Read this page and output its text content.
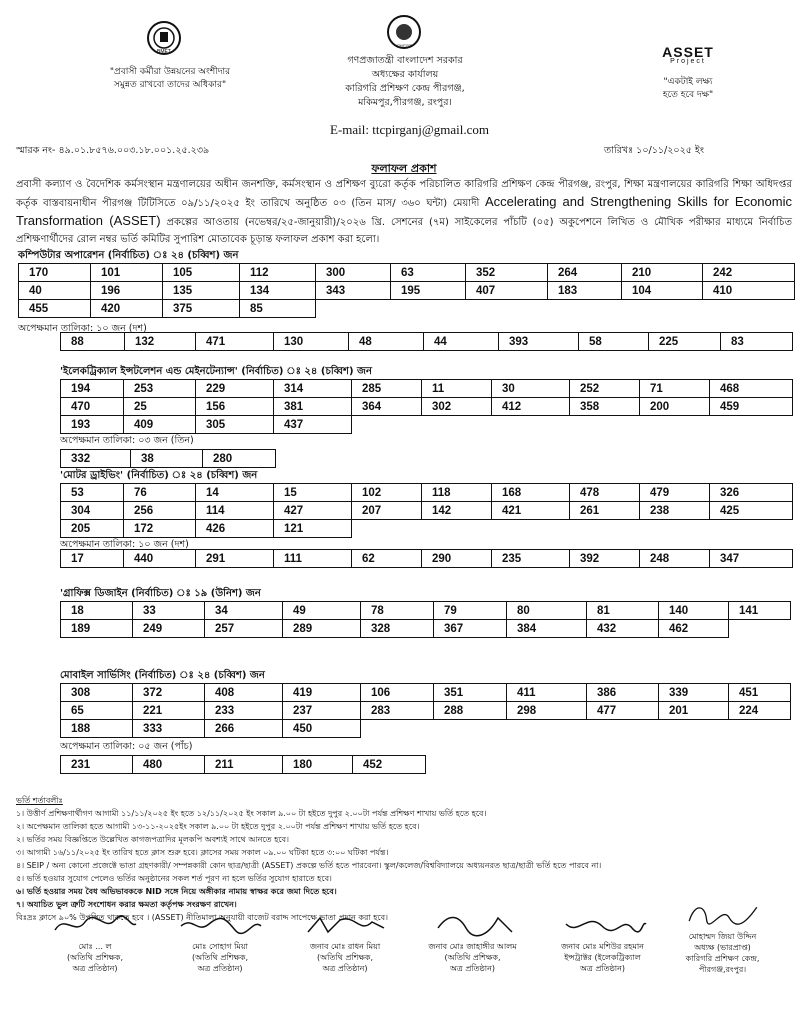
BMET
"প্রবাসী কর্মীরা উন্নয়নের অংশীদার
সমুন্নত রাখবো তাদের অধিকার"
বাংলাদেশ
গণপ্রজাতন্ত্রী বাংলাদেশ সরকার
অধ্যক্ষের কার্যালয়
কারিগরি প্রশিক্ষণ কেন্দ্র পীরগঞ্জ,
মকিমপুর,পীরগঞ্জ, রংপুর।
E-mail: ttcpirganj@gmail.com
ASSET
Project
"একটাই লক্ষ্য
হতে হবে দক্ষ"
স্মারক নং- ৪৯.০১.৮৫৭৬.০০৩.১৮.০০১.২৫.২৩৯	তারিখঃ ১০/১১/২০২৫ ইং
ফলাফল প্রকাশ
প্রবাসী কল্যাণ ও বৈদেশিক কর্মসংস্থান মন্ত্রণালয়ের অধীন জনশক্তি, কর্মসংস্থান ও প্রশিক্ষণ ব্যুরো কর্তৃক পরিচালিত কারিগরি প্রশিক্ষণ কেন্দ্র পীরগঞ্জ, রংপুর, শিক্ষা মন্ত্রণালয়ের কারিগরি শিক্ষা অধিদপ্তর কর্তৃক বাস্তবায়নাধীন পীরগঞ্জ টিটিসিতে ০৯/১১/২০২৫ ইং তারিখে অনুষ্ঠিত ০৩ (তিন মাস/ ৩৬০ ঘন্টা) মেয়াদী Accelerating and Strengthening Skills for Economic Transformation (ASSET) প্রকল্পের আওতায় (নভেম্বর/২৫-জানুয়ারী)/২০২৬ খ্রি. সেশনের (৭ম) সাইকেলের পাঁচটি (০৫) অকুপেশনে লিখিত ও মৌখিক পরীক্ষার মাধ্যমে নির্বাচিত প্রশিক্ষণার্থীদের রোল নম্বর ভর্তি কমিটির সুপারিশ মোতাবেক চূড়ান্ত ফলাফল প্রকাশ করা হলো।
কম্পিউটার অপারেশন (নির্বাচিত) ঃ ২৪ (চব্বিশ) জন
170	101	105	112	300	63	352	264	210	242
40	196	135	134	343	195	407	183	104	410
455	420	375	85						
অপেক্ষমান তালিকা: ১০ জন (দশ)
88	132	471	130	48	44	393	58	225	83
'ইলেকট্রিক্যাল ইন্সটলেশন এন্ড মেইনটেন্যান্স' (নির্বাচিত) ঃ ২৪ (চব্বিশ) জন
194	253	229	314	285	11	30	252	71	468
470	25	156	381	364	302	412	358	200	459
193	409	305	437						
অপেক্ষমান তালিকা: ০৩ জন (তিন)
332	38	280
'মোটর ড্রাইভিং' (নির্বাচিত) ঃ ২৪ (চব্বিশ) জন
53	76	14	15	102	118	168	478	479	326
304	256	114	427	207	142	421	261	238	425
205	172	426	121						
অপেক্ষমান তালিকা: ১০ জন (দশ)
17	440	291	111	62	290	235	392	248	347
'গ্রাফিক্স ডিজাইন (নির্বাচিত) ঃ ১৯ (উনিশ) জন
18	33	34	49	78	79	80	81	140	141
189	249	257	289	328	367	384	432	462	
মোবাইল সার্ভিসিং (নির্বাচিত) ঃ ২৪ (চব্বিশ) জন
308	372	408	419	106	351	411	386	339	451
65	221	233	237	283	288	298	477	201	224
188	333	266	450						
অপেক্ষমান তালিকা: ০৫ জন (পাঁচ)
231	480	211	180	452
ভর্তি শর্তাবলীঃ
১। উত্তীর্ণ প্রশিক্ষণার্থীগণ আগামী ১১/১১/২০২৫ ইং হতে ১২/১১/২০২৫ ইং সকাল ৯.০০ টা হইতে দুপুর ২.০০টা পর্যন্ত প্রশিক্ষণ শাখায় ভর্তি হতে হবে।
২। অপেক্ষমান তালিকা হতে আগামী ১৩-১১-২০২৫ইং সকাল ৯.০০ টা হইতে দুপুর ২.০০টা পর্যন্ত প্রশিক্ষণ শাখায় ভর্তি হতে হবে।
২। ভর্তির সময় বিজ্ঞপ্তিতে উল্লেখিত কাগজপত্রাদির মূলকপি অবশ্যই সাথে আনতে হবে।
৩। আগামী ১৬/১১/২০২৫ ইং তারিখ হতে ক্লাস শুরু হবে। ক্লাসের সময় সকাল ০৯.০০ ঘটিকা হতে ৩:০০ ঘটিকা পর্যন্ত।
৪। SEIP / অন্য কোনো প্রজেক্টে ভাতা গ্রহণকারী/ সম্পন্নকারী কোন ছাত্র/ছাত্রী (ASSET) প্রকল্পে ভর্তি হতে পারবেনা। স্কুল/কলেজ/বিশ্ববিদ্যালয়ে অধ্যয়নরত ছাত্র/ছাত্রী ভর্তি হতে পারবে না।
৫। ভর্তি হওয়ার সুযোগ পেলেও ভর্তির অনুষ্ঠানের সকল শর্ত পূরণ না হলে ভর্তির সুযোগ হারাতে হবে।
৬। ভর্তি হওয়ার সময় বৈধ অভিভাবককে NID সঙ্গে নিয়ে অঙ্গীকার নামায় স্বাক্ষর করে জমা দিতে হবে।
৭। অযাচিত ভুল ত্রুটি সংশোধন করার ক্ষমতা কর্তৃপক্ষ সংরক্ষণ রাখেন।
বিঃদ্রঃ ক্লাসে ৯০% উপস্থিত থাকতে হবে । (ASSET) নীতিমালা অনুযায়ী বাজেট বরাদ্দ সাপেক্ষে ভাতা প্রদান করা হবে।
মোঃ ... ল
(অতিথি প্রশিক্ষক,
অত্র প্রতিষ্ঠান)
মোঃ সোহাগ মিয়া
(অতিথি প্রশিক্ষক,
অত্র প্রতিষ্ঠান)
জনাব মোঃ রাধন মিয়া
(অতিথি প্রশিক্ষক,
অত্র প্রতিষ্ঠান)
জনাব মোঃ জাহাঙ্গীর আলম
(অতিথি প্রশিক্ষক,
অত্র প্রতিষ্ঠান)
জনাব মোঃ মশিউর রহমান
ইন্সট্রাক্টর (ইলেকট্রিক্যাল
অত্র প্রতিষ্ঠান)
মোহাম্মদ জিয়া উদ্দিন
অধ্যক্ষ (ভারপ্রাপ্ত)
কারিগরি প্রশিক্ষণ কেন্দ্র,
পীরগঞ্জ,রংপুর।
